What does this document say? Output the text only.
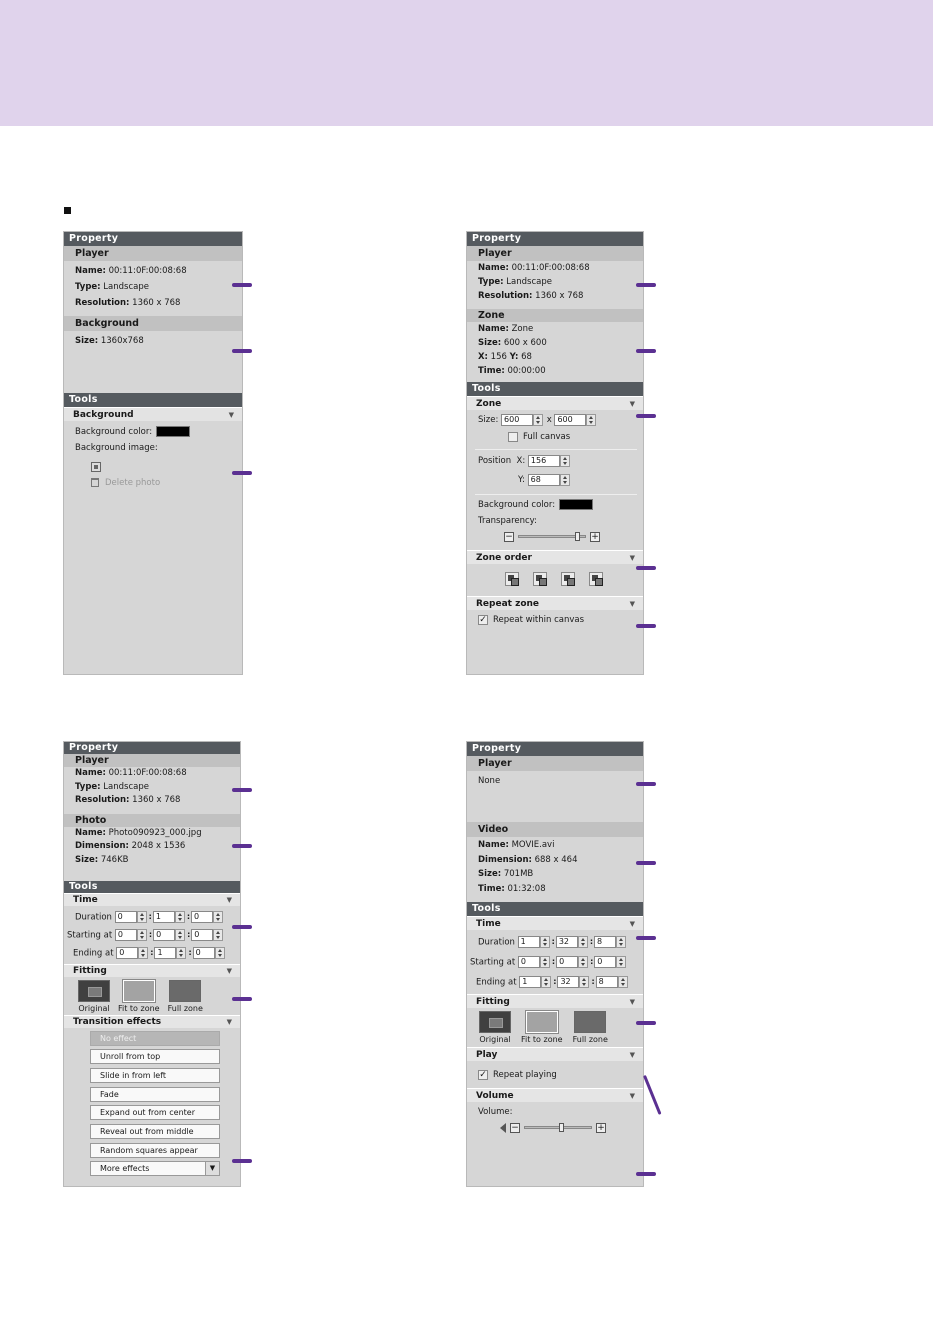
Property
Player
Name: 00:11:0F:00:08:68
Type: Landscape
Resolution: 1360 x 768
Background
Size: 1360x768
Tools
Background	▼
Background color:
Background image:
Delete photo
Property
Player
Name: 00:11:0F:00:08:68
Type: Landscape
Resolution: 1360 x 768
Zone
Name: Zone
Size: 600 x 600
X: 156 Y: 68
Time: 00:00:00
Tools
Zone	▼
Size: 600	x 600
Full canvas
Position X: 156
Y: 68
Background color:
Transparency:
−	+
Zone order	▼
Repeat zone	▼
✓ Repeat within canvas
Property
Player
Name: 00:11:0F:00:08:68
Type: Landscape
Resolution: 1360 x 768
Photo
Name: Photo090923_000.jpg
Dimension: 2048 x 1536
Size: 746KB
Tools
Time	▼
Duration 0	: 1	: 0
Starting at 0	: 0	: 0
Ending at 0	: 1	: 0
Fitting	▼
Original Fit to zone Full zone
Transition effects	▼
No effect
Unroll from top
Slide in from left
Fade
Expand out from center
Reveal out from middle
Random squares appear
More effects	▼
Property
Player
None
Video
Name: MOVIE.avi
Dimension: 688 x 464
Size: 701MB
Time: 01:32:08
Tools
Time	▼
Duration 1	: 32	: 8
Starting at 0	: 0	: 0
Ending at 1	: 32	: 8
Fitting	▼
Original Fit to zone Full zone
Play	▼
✓ Repeat playing
Volume	▼
Volume:
−	+
